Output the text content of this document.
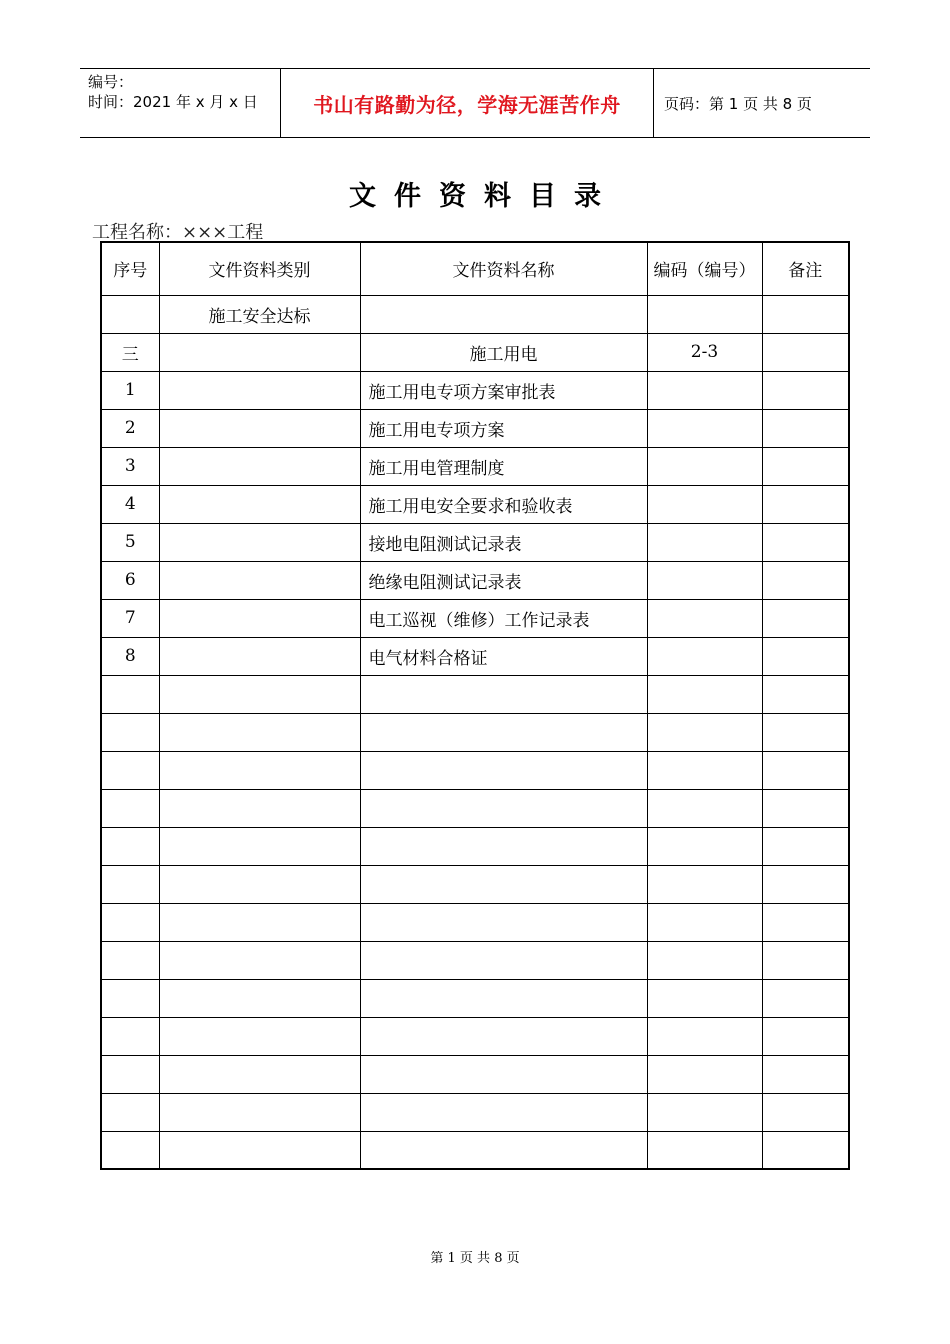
编号：
时间：2021 年 x 月 x 日	书山有路勤为径，学海无涯苦作舟	页码：第 1 页 共 8 页
文件资料目录
工程名称：×××工程
序号	文件资料类别	文件资料名称	编码（编号）	备注
	施工安全达标			
三		施工用电	2-3	
1		施工用电专项方案审批表		
2		施工用电专项方案		
3		施工用电管理制度		
4		施工用电安全要求和验收表		
5		接地电阻测试记录表		
6		绝缘电阻测试记录表		
7		电工巡视（维修）工作记录表		
8		电气材料合格证		

第 1 页 共 8 页
